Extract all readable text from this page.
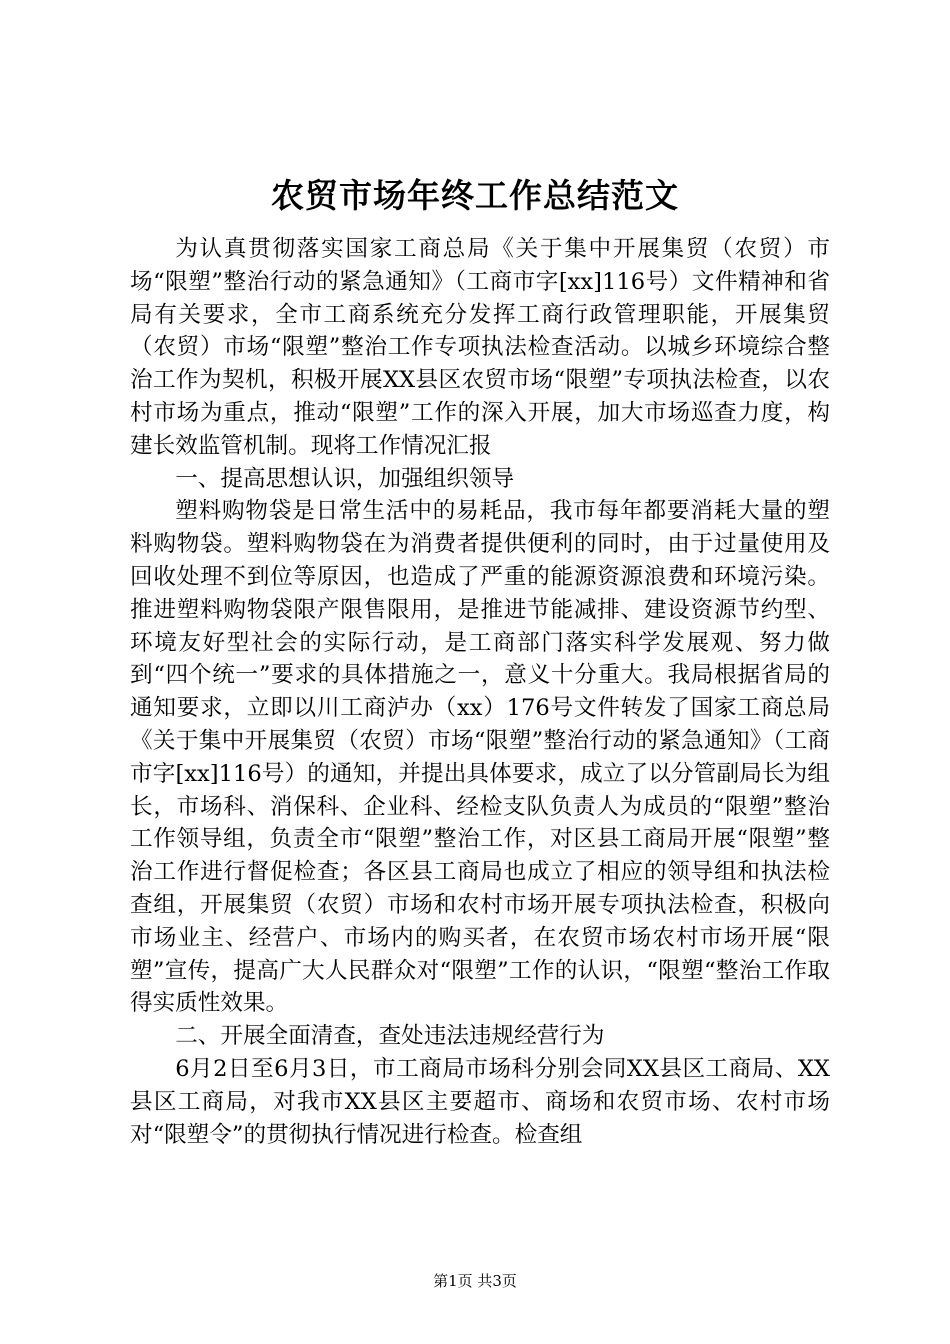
农贸市场年终工作总结范文

为认真贯彻落实国家工商总局《关于集中开展集贸（农贸）市场“限塑”整治行动的紧急通知》（工商市字[xx]116号）文件精神和省局有关要求，全市工商系统充分发挥工商行政管理职能，开展集贸（农贸）市场“限塑”整治工作专项执法检查活动。以城乡环境综合整治工作为契机，积极开展XX县区农贸市场“限塑”专项执法检查，以农村市场为重点，推动“限塑”工作的深入开展，加大市场巡查力度，构建长效监管机制。现将工作情况汇报

一、提高思想认识，加强组织领导

塑料购物袋是日常生活中的易耗品，我市每年都要消耗大量的塑料购物袋。塑料购物袋在为消费者提供便利的同时，由于过量使用及回收处理不到位等原因，也造成了严重的能源资源浪费和环境污染。推进塑料购物袋限产限售限用，是推进节能减排、建设资源节约型、环境友好型社会的实际行动，是工商部门落实科学发展观、努力做到“四个统一”要求的具体措施之一，意义十分重大。我局根据省局的通知要求，立即以川工商泸办（xx）176号文件转发了国家工商总局《关于集中开展集贸（农贸）市场“限塑”整治行动的紧急通知》（工商市字[xx]116号）的通知，并提出具体要求，成立了以分管副局长为组长，市场科、消保科、企业科、经检支队负责人为成员的“限塑”整治工作领导组，负责全市“限塑”整治工作，对区县工商局开展“限塑”整治工作进行督促检查；各区县工商局也成立了相应的领导组和执法检查组，开展集贸（农贸）市场和农村市场开展专项执法检查，积极向市场业主、经营户、市场内的购买者，在农贸市场农村市场开展“限塑”宣传，提高广大人民群众对“限塑”工作的认识，“限塑“整治工作取得实质性效果。

二、开展全面清查，查处违法违规经营行为

6月2日至6月3日，市工商局市场科分别会同XX县区工商局、XX县区工商局，对我市XX县区主要超市、商场和农贸市场、农村市场对“限塑令”的贯彻执行情况进行检查。检查组

第1页 共3页
